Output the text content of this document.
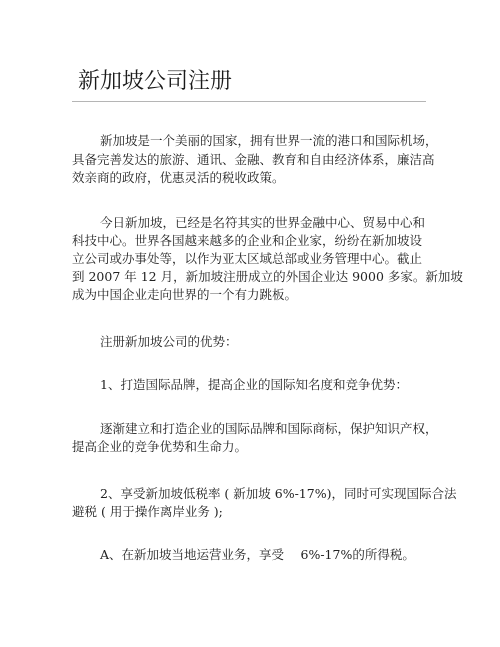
新加坡公司注册
新加坡是一个美丽的国家，拥有世界一流的港口和国际机场，
具备完善发达的旅游、通讯、金融、教育和自由经济体系，廉洁高
效亲商的政府，优惠灵活的税收政策。
今日新加坡，已经是名符其实的世界金融中心、贸易中心和
科技中心。世界各国越来越多的企业和企业家，纷纷在新加坡设
立公司或办事处等，以作为亚太区域总部或业务管理中心。截止
到 2007 年 12 月，新加坡注册成立的外国企业达 9000 多家。新加坡
成为中国企业走向世界的一个有力跳板。
注册新加坡公司的优势：
1、打造国际品牌，提高企业的国际知名度和竞争优势：
逐渐建立和打造企业的国际品牌和国际商标，保护知识产权，
提高企业的竞争优势和生命力。
2、享受新加坡低税率 ( 新加坡 6%-17%)，同时可实现国际合法
避税 ( 用于操作离岸业务 );
A、在新加坡当地运营业务，享受　 6%-17%的所得税。
